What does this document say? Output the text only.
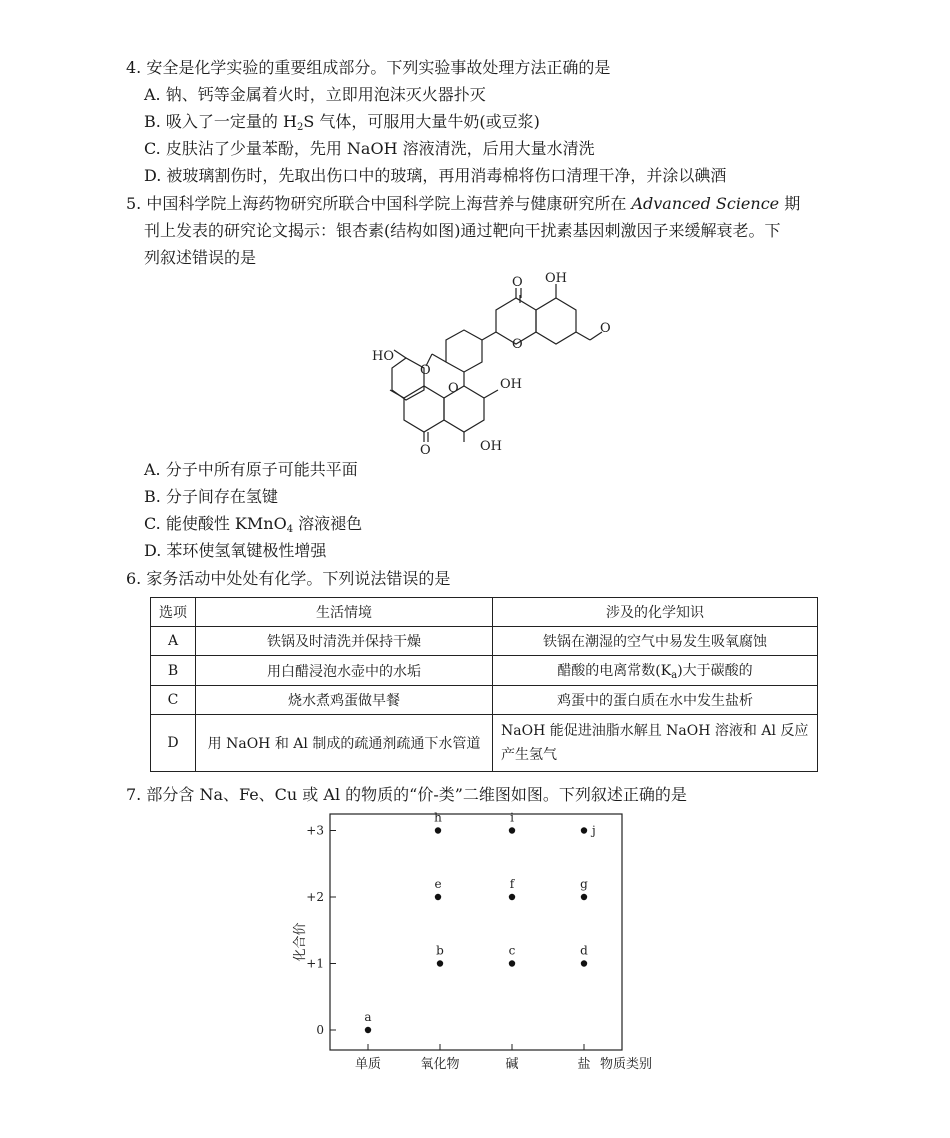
4. 安全是化学实验的重要组成部分。下列实验事故处理方法正确的是
A. 钠、钙等金属着火时，立即用泡沫灭火器扑灭
B. 吸入了一定量的 $H_2S$ 气体，可服用大量牛奶(或豆浆)
C. 皮肤沾了少量苯酚，先用 NaOH 溶液清洗，后用大量水清洗
D. 被玻璃割伤时，先取出伤口中的玻璃，再用消毒棉将伤口清理干净，并涂以碘酒
5. 中国科学院上海药物研究所联合中国科学院上海营养与健康研究所在 Advanced Science 期
刊上发表的研究论文揭示：银杏素(结构如图)通过靶向干扰素基因刺激因子来缓解衰老。下
列叙述错误的是
OH
O
O
O
O
HO
O	OH
O	OH
A. 分子中所有原子可能共平面
B. 分子间存在氢键
C. 能使酸性 KMnO$_4$ 溶液褪色
D. 苯环使氢氧键极性增强
6. 家务活动中处处有化学。下列说法错误的是
选项	生活情境	涉及的化学知识
A	铁锅及时清洗并保持干燥	铁锅在潮湿的空气中易发生吸氧腐蚀
B	用白醋浸泡水壶中的水垢	醋酸的电离常数$(K_a)$大于碳酸的
C	烧水煮鸡蛋做早餐	鸡蛋中的蛋白质在水中发生盐析
D	用 NaOH 和 Al 制成的疏通剂疏通下水管道	NaOH 能促进油脂水解且 NaOH 溶液和 Al 反应
产生氢气
7. 部分含 Na、Fe、Cu 或 Al 的物质的“价-类”二维图如图。下列叙述正确的是
化合价
物质类别
0
+1
+2
+3
单质	氧化物	碱	盐
a
b	c	d
e	f	g
h	i
j
